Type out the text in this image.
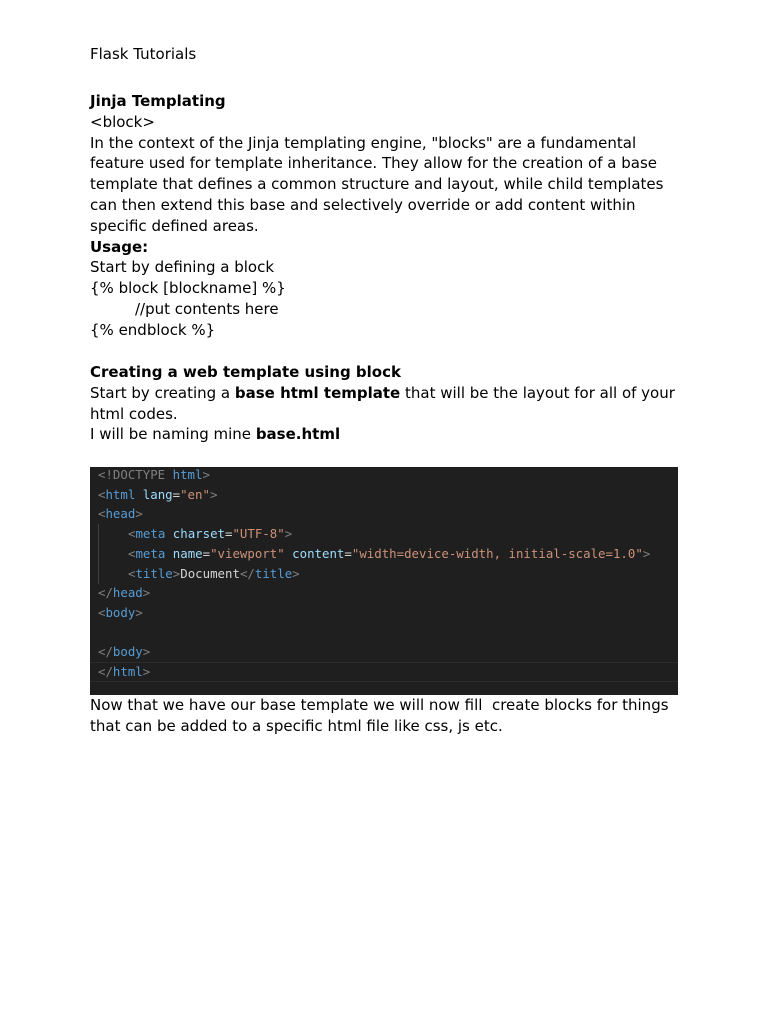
Flask Tutorials
Jinja Templating
<block>
In the context of the Jinja templating engine, "blocks" are a fundamental
feature used for template inheritance. They allow for the creation of a base
template that defines a common structure and layout, while child templates
can then extend this base and selectively override or add content within
specific defined areas.
Usage:
Start by defining a block
{% block [blockname] %}
//put contents here
{% endblock %}
Creating a web template using block
Start by creating a base html template that will be the layout for all of your
html codes.
I will be naming mine base.html
<!DOCTYPE html>
<html lang="en">
<head>
<meta charset="UTF-8">
<meta name="viewport" content="width=device-width, initial-scale=1.0">
<title>Document</title>
</head>
<body>
</body>
</html>
Now that we have our base template we will now fill  create blocks for things
that can be added to a specific html file like css, js etc.
